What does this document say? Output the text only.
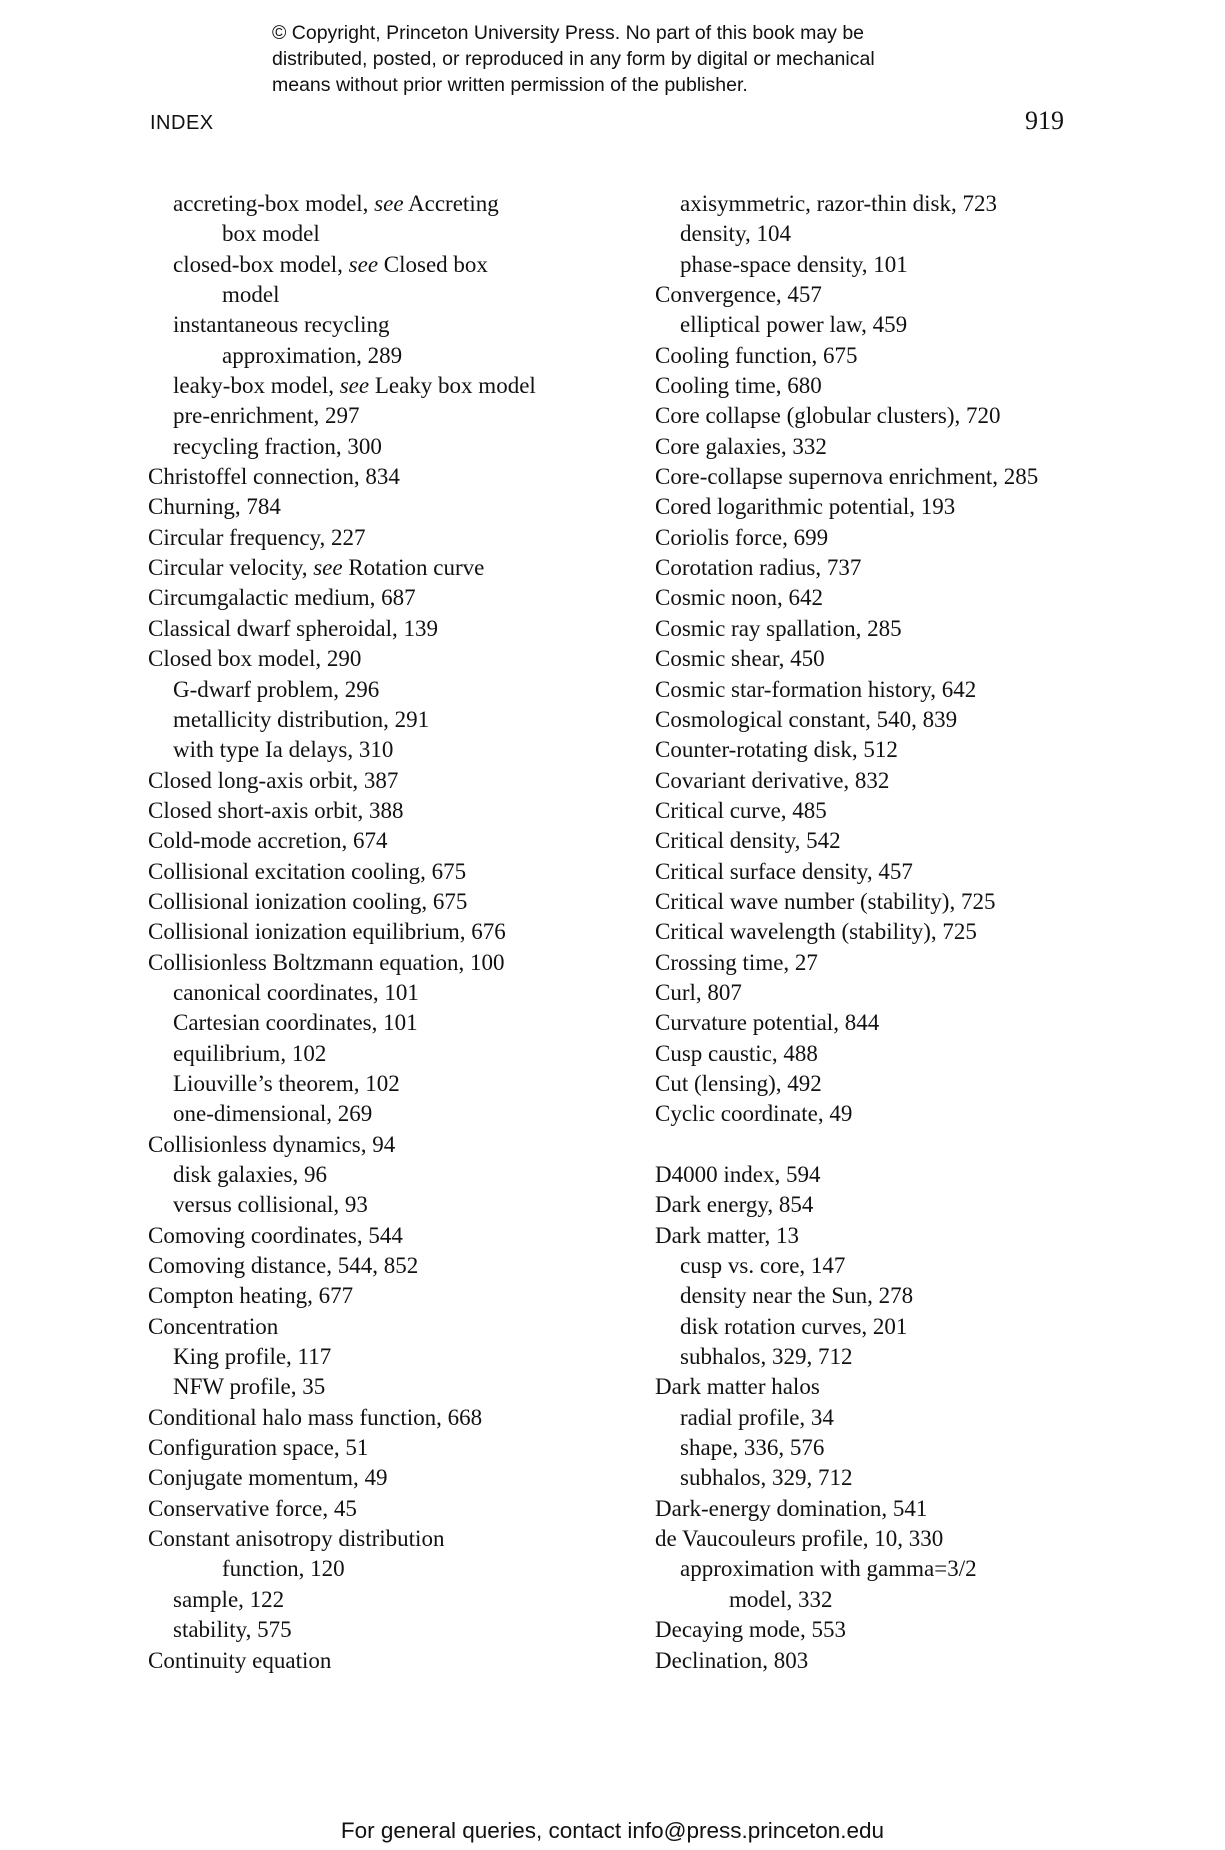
© Copyright, Princeton University Press. No part of this book may be
distributed, posted, or reproduced in any form by digital or mechanical
means without prior written permission of the publisher.
INDEX	919
accreting-box model, see Accreting
box model
closed-box model, see Closed box
model
instantaneous recycling
approximation, 289
leaky-box model, see Leaky box model
pre-enrichment, 297
recycling fraction, 300
Christoffel connection, 834
Churning, 784
Circular frequency, 227
Circular velocity, see Rotation curve
Circumgalactic medium, 687
Classical dwarf spheroidal, 139
Closed box model, 290
G-dwarf problem, 296
metallicity distribution, 291
with type Ia delays, 310
Closed long-axis orbit, 387
Closed short-axis orbit, 388
Cold-mode accretion, 674
Collisional excitation cooling, 675
Collisional ionization cooling, 675
Collisional ionization equilibrium, 676
Collisionless Boltzmann equation, 100
canonical coordinates, 101
Cartesian coordinates, 101
equilibrium, 102
Liouville’s theorem, 102
one-dimensional, 269
Collisionless dynamics, 94
disk galaxies, 96
versus collisional, 93
Comoving coordinates, 544
Comoving distance, 544, 852
Compton heating, 677
Concentration
King profile, 117
NFW profile, 35
Conditional halo mass function, 668
Configuration space, 51
Conjugate momentum, 49
Conservative force, 45
Constant anisotropy distribution
function, 120
sample, 122
stability, 575
Continuity equation
axisymmetric, razor-thin disk, 723
density, 104
phase-space density, 101
Convergence, 457
elliptical power law, 459
Cooling function, 675
Cooling time, 680
Core collapse (globular clusters), 720
Core galaxies, 332
Core-collapse supernova enrichment, 285
Cored logarithmic potential, 193
Coriolis force, 699
Corotation radius, 737
Cosmic noon, 642
Cosmic ray spallation, 285
Cosmic shear, 450
Cosmic star-formation history, 642
Cosmological constant, 540, 839
Counter-rotating disk, 512
Covariant derivative, 832
Critical curve, 485
Critical density, 542
Critical surface density, 457
Critical wave number (stability), 725
Critical wavelength (stability), 725
Crossing time, 27
Curl, 807
Curvature potential, 844
Cusp caustic, 488
Cut (lensing), 492
Cyclic coordinate, 49
D4000 index, 594
Dark energy, 854
Dark matter, 13
cusp vs. core, 147
density near the Sun, 278
disk rotation curves, 201
subhalos, 329, 712
Dark matter halos
radial profile, 34
shape, 336, 576
subhalos, 329, 712
Dark-energy domination, 541
de Vaucouleurs profile, 10, 330
approximation with gamma=3/2
model, 332
Decaying mode, 553
Declination, 803
For general queries, contact info@press.princeton.edu
